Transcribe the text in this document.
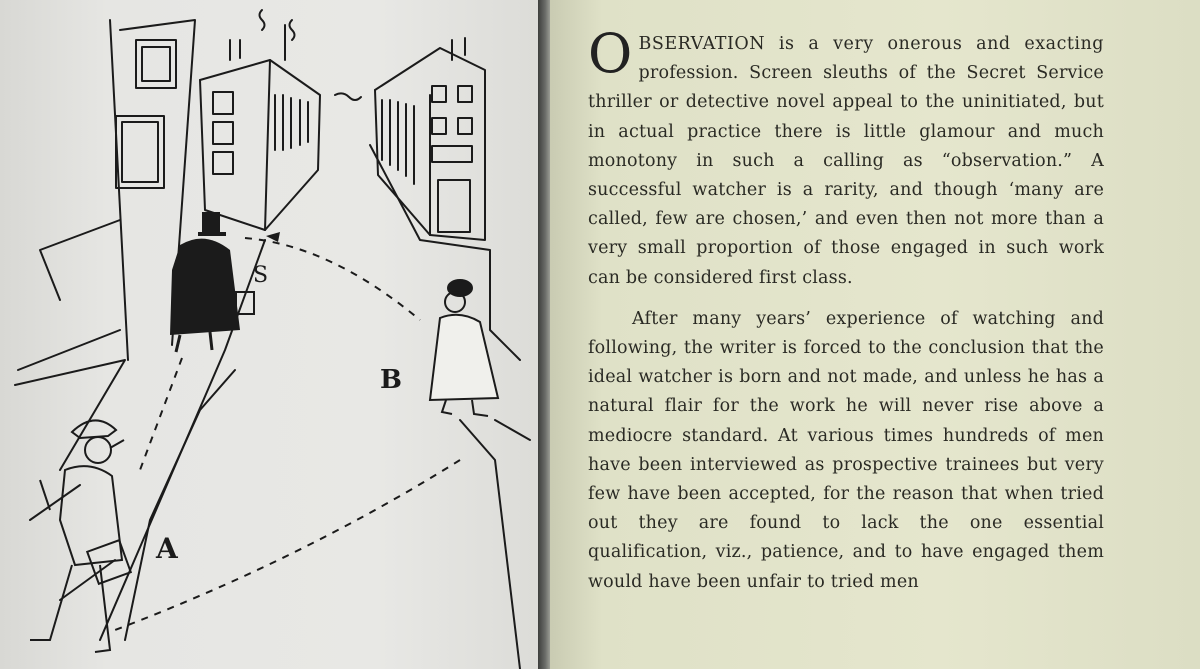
S
B
A

OBSERVATION is a very onerous and exacting profession. Screen sleuths of the Secret Service thriller or detective novel appeal to the uninitiated, but in actual practice there is little glamour and much monotony in such a calling as “observation.” A successful watcher is a rarity, and though ‘many are called, few are chosen,’ and even then not more than a very small proportion of those engaged in such work can be considered first class.

After many years’ experience of watching and following, the writer is forced to the conclusion that the ideal watcher is born and not made, and unless he has a natural flair for the work he will never rise above a mediocre standard. At various times hundreds of men have been interviewed as prospective trainees but very few have been accepted, for the reason that when tried out they are found to lack the one essential qualification, viz., patience, and to have engaged them would have been unfair to tried men
